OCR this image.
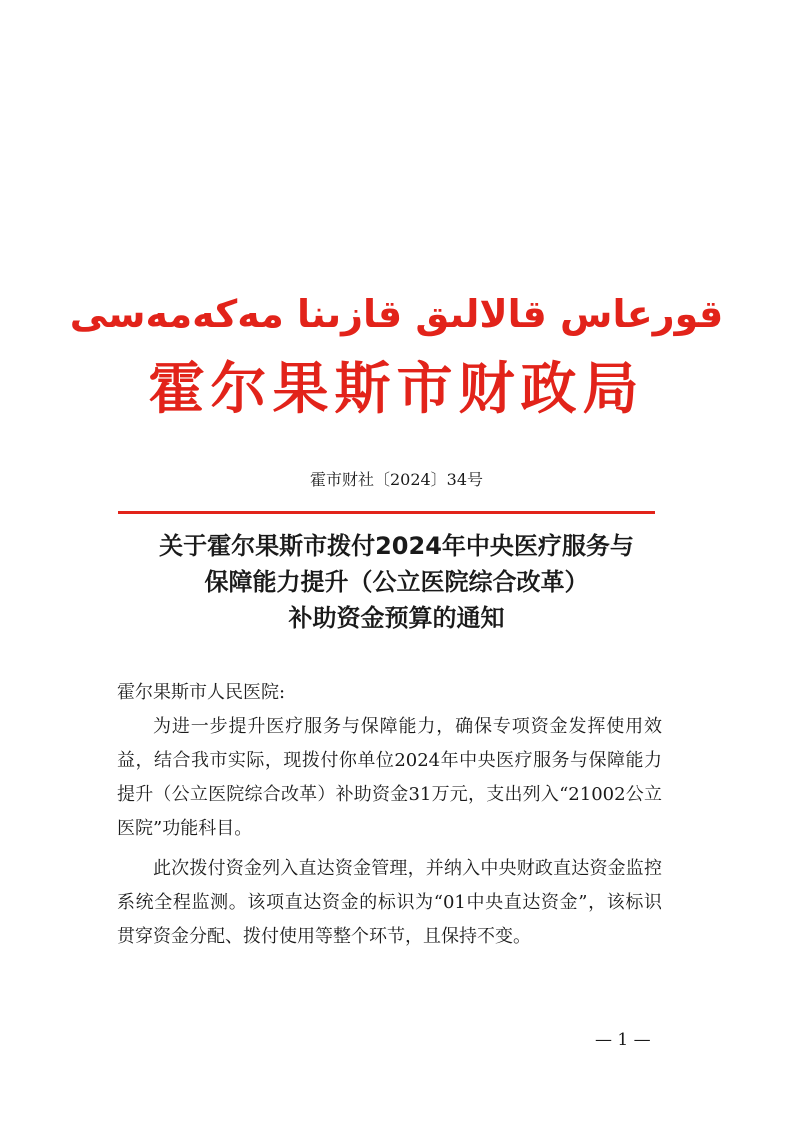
قورعاس قالالىق قازىنا مەكەمەسى
霍尔果斯市财政局
霍市财社〔2024〕34号
关于霍尔果斯市拨付2024年中央医疗服务与
保障能力提升（公立医院综合改革）
补助资金预算的通知

霍尔果斯市人民医院:

为进一步提升医疗服务与保障能力，确保专项资金发挥使用效益，结合我市实际，现拨付你单位2024年中央医疗服务与保障能力提升（公立医院综合改革）补助资金31万元，支出列入“21002公立医院”功能科目。

此次拨付资金列入直达资金管理，并纳入中央财政直达资金监控系统全程监测。该项直达资金的标识为“01中央直达资金”，该标识贯穿资金分配、拨付使用等整个环节，且保持不变。

— 1 —
